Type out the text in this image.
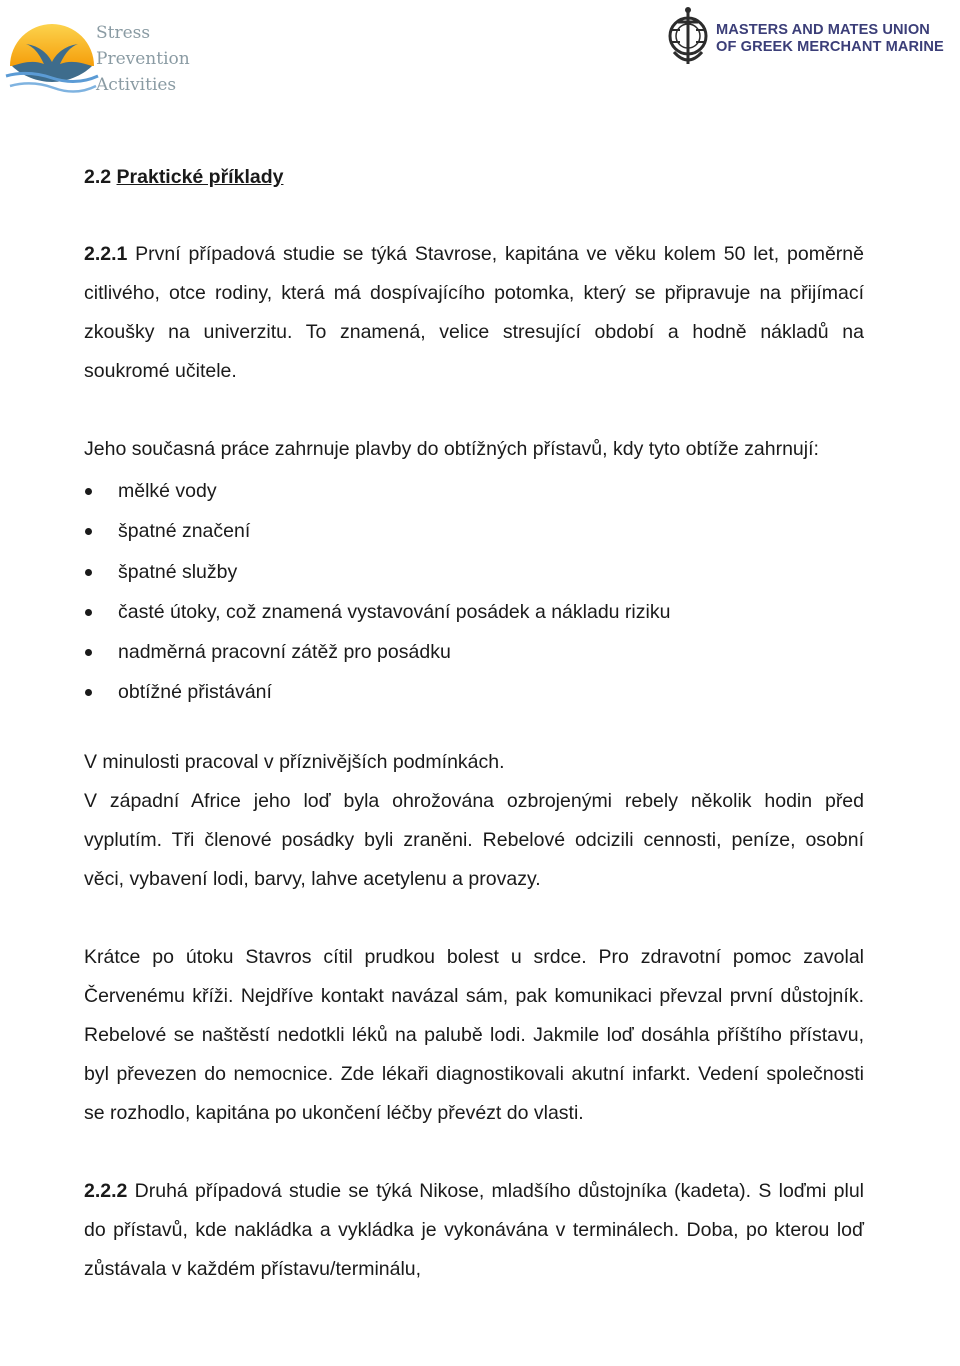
Stress
Prevention
Activities
MASTERS AND MATES UNION
OF GREEK MERCHANT MARINE
2.2 Praktické příklady

2.2.1 První případová studie se týká Stavrose, kapitána ve věku kolem 50 let, poměrně citlivého, otce rodiny, která má dospívajícího potomka, který se připravuje na přijímací zkoušky na univerzitu. To znamená, velice stresující období a hodně nákladů na soukromé učitele.

Jeho současná práce zahrnuje plavby do obtížných přístavů, kdy tyto obtíže zahrnují:

mělké vody
špatné značení
špatné služby
časté útoky, což znamená vystavování posádek a nákladu riziku
nadměrná pracovní zátěž pro posádku
obtížné přistávání

V minulosti pracoval v příznivějších podmínkách.

V západní Africe jeho loď byla ohrožována ozbrojenými rebely několik hodin před vyplutím. Tři členové posádky byli zraněni. Rebelové odcizili cennosti, peníze, osobní věci, vybavení lodi, barvy, lahve acetylenu a provazy.

Krátce po útoku Stavros cítil prudkou bolest u srdce. Pro zdravotní pomoc zavolal Červenému kříži. Nejdříve kontakt navázal sám, pak komunikaci převzal první důstojník. Rebelové se naštěstí nedotkli léků na palubě lodi. Jakmile loď dosáhla příštího přístavu, byl převezen do nemocnice. Zde lékaři diagnostikovali akutní infarkt. Vedení společnosti se rozhodlo, kapitána po ukončení léčby převézt do vlasti.

2.2.2 Druhá případová studie se týká Nikose, mladšího důstojníka (kadeta). S loďmi plul do přístavů, kde nakládka a vykládka je vykonávána v terminálech. Doba, po kterou loď zůstávala v každém přístavu/terminálu,
